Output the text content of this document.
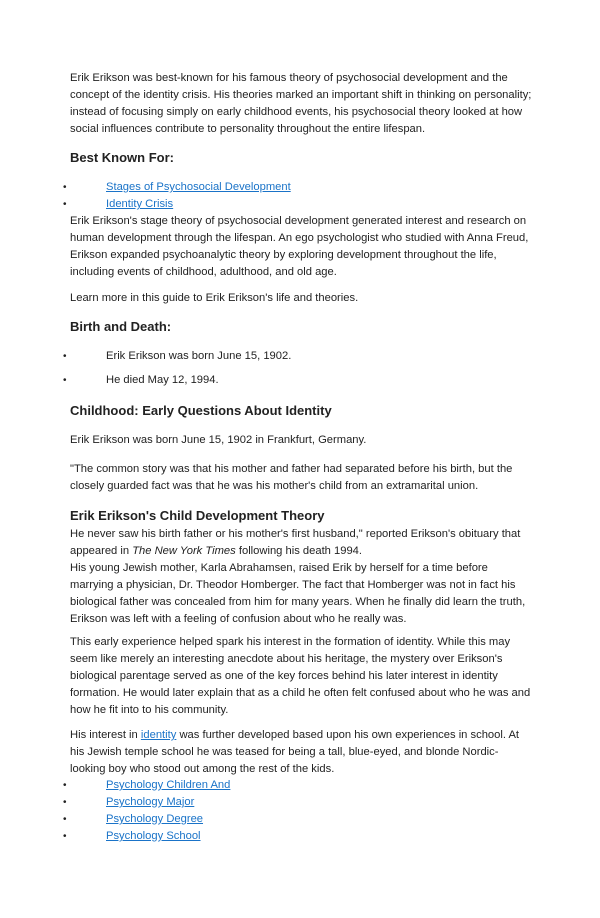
Erik Erikson was best-known for his famous theory of psychosocial development and the concept of the identity crisis. His theories marked an important shift in thinking on personality; instead of focusing simply on early childhood events, his psychosocial theory looked at how social influences contribute to personality throughout the entire lifespan.

Best Known For:
•	Stages of Psychosocial Development
•	Identity Crisis

Erik Erikson's stage theory of psychosocial development generated interest and research on human development through the lifespan. An ego psychologist who studied with Anna Freud, Erikson expanded psychoanalytic theory by exploring development throughout the life, including events of childhood, adulthood, and old age.

Learn more in this guide to Erik Erikson's life and theories.

Birth and Death:
•	Erik Erikson was born June 15, 1902.
•	He died May 12, 1994.
Childhood: Early Questions About Identity

Erik Erikson was born June 15, 1902 in Frankfurt, Germany.

"The common story was that his mother and father had separated before his birth, but the closely guarded fact was that he was his mother's child from an extramarital union.

Erik Erikson's Child Development Theory

He never saw his birth father or his mother's first husband," reported Erikson's obituary that appeared in The New York Times following his death 1994.

His young Jewish mother, Karla Abrahamsen, raised Erik by herself for a time before marrying a physician, Dr. Theodor Homberger. The fact that Homberger was not in fact his biological father was concealed from him for many years. When he finally did learn the truth, Erikson was left with a feeling of confusion about who he really was.

This early experience helped spark his interest in the formation of identity. While this may seem like merely an interesting anecdote about his heritage, the mystery over Erikson's biological parentage served as one of the key forces behind his later interest in identity formation. He would later explain that as a child he often felt confused about who he was and how he fit into to his community.

His interest in identity was further developed based upon his own experiences in school. At his Jewish temple school he was teased for being a tall, blue-eyed, and blonde Nordic-looking boy who stood out among the rest of the kids.

•	Psychology Children And
•	Psychology Major
•	Psychology Degree
•	Psychology School
